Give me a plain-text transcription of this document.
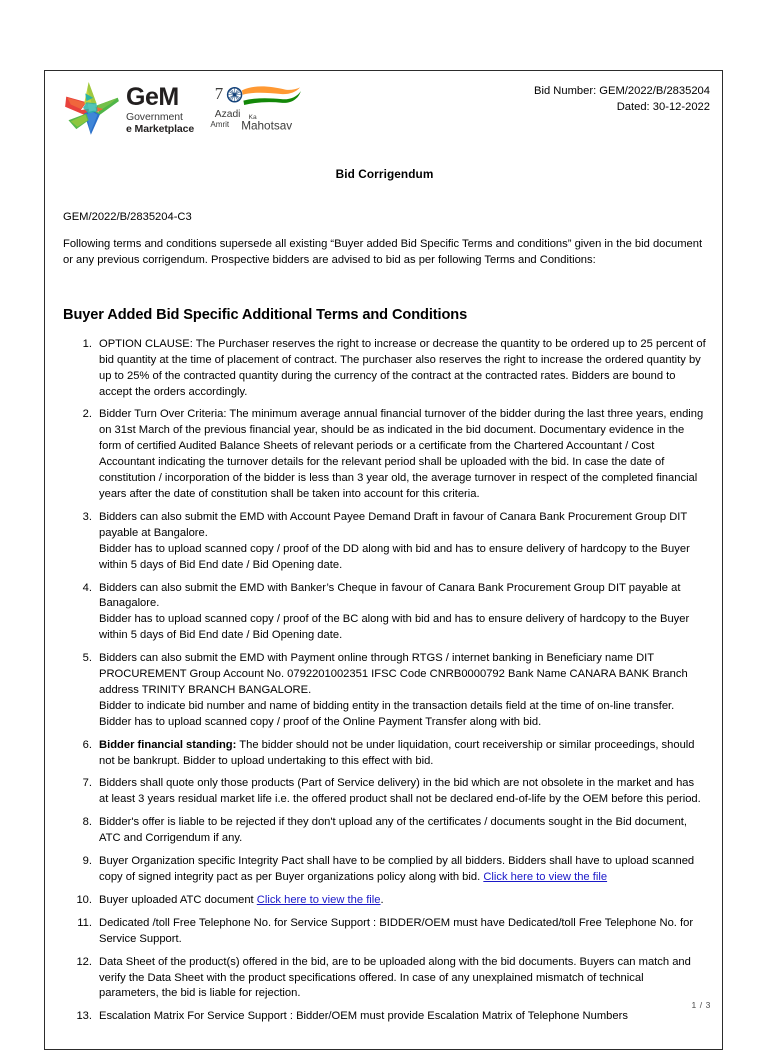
GeM
Government
e Marketplace
7
Azadi Ka
Amrit Mahotsav
Bid Number: GEM/2022/B/2835204
Dated: 30-12-2022
Bid Corrigendum
GEM/2022/B/2835204-C3
Following terms and conditions supersede all existing “Buyer added Bid Specific Terms and conditions” given in the bid document or any previous corrigendum. Prospective bidders are advised to bid as per following Terms and Conditions:
Buyer Added Bid Specific Additional Terms and Conditions
1. OPTION CLAUSE: The Purchaser reserves the right to increase or decrease the quantity to be ordered up to 25 percent of bid quantity at the time of placement of contract. The purchaser also reserves the right to increase the ordered quantity by up to 25% of the contracted quantity during the currency of the contract at the contracted rates. Bidders are bound to accept the orders accordingly.
2. Bidder Turn Over Criteria: The minimum average annual financial turnover of the bidder during the last three years, ending on 31st March of the previous financial year, should be as indicated in the bid document. Documentary evidence in the form of certified Audited Balance Sheets of relevant periods or a certificate from the Chartered Accountant / Cost Accountant indicating the turnover details for the relevant period shall be uploaded with the bid. In case the date of constitution / incorporation of the bidder is less than 3 year old, the average turnover in respect of the completed financial years after the date of constitution shall be taken into account for this criteria.
3. Bidders can also submit the EMD with Account Payee Demand Draft in favour of Canara Bank Procurement Group DIT payable at Bangalore.
Bidder has to upload scanned copy / proof of the DD along with bid and has to ensure delivery of hardcopy to the Buyer within 5 days of Bid End date / Bid Opening date.
4. Bidders can also submit the EMD with Banker’s Cheque in favour of Canara Bank Procurement Group DIT payable at Banagalore.
Bidder has to upload scanned copy / proof of the BC along with bid and has to ensure delivery of hardcopy to the Buyer within 5 days of Bid End date / Bid Opening date.
5. Bidders can also submit the EMD with Payment online through RTGS / internet banking in Beneficiary name DIT PROCUREMENT Group Account No. 0792201002351 IFSC Code CNRB0000792 Bank Name CANARA BANK Branch address TRINITY BRANCH BANGALORE.
Bidder to indicate bid number and name of bidding entity in the transaction details field at the time of on-line transfer. Bidder has to upload scanned copy / proof of the Online Payment Transfer along with bid.
6. Bidder financial standing: The bidder should not be under liquidation, court receivership or similar proceedings, should not be bankrupt. Bidder to upload undertaking to this effect with bid.
7. Bidders shall quote only those products (Part of Service delivery) in the bid which are not obsolete in the market and has at least 3 years residual market life i.e. the offered product shall not be declared end-of-life by the OEM before this period.
8. Bidder's offer is liable to be rejected if they don't upload any of the certificates / documents sought in the Bid document, ATC and Corrigendum if any.
9. Buyer Organization specific Integrity Pact shall have to be complied by all bidders. Bidders shall have to upload scanned copy of signed integrity pact as per Buyer organizations policy along with bid. Click here to view the file
10. Buyer uploaded ATC document Click here to view the file.
11. Dedicated /toll Free Telephone No. for Service Support : BIDDER/OEM must have Dedicated/toll Free Telephone No. for Service Support.
12. Data Sheet of the product(s) offered in the bid, are to be uploaded along with the bid documents. Buyers can match and verify the Data Sheet with the product specifications offered. In case of any unexplained mismatch of technical parameters, the bid is liable for rejection.
13. Escalation Matrix For Service Support : Bidder/OEM must provide Escalation Matrix of Telephone Numbers
1 / 3
